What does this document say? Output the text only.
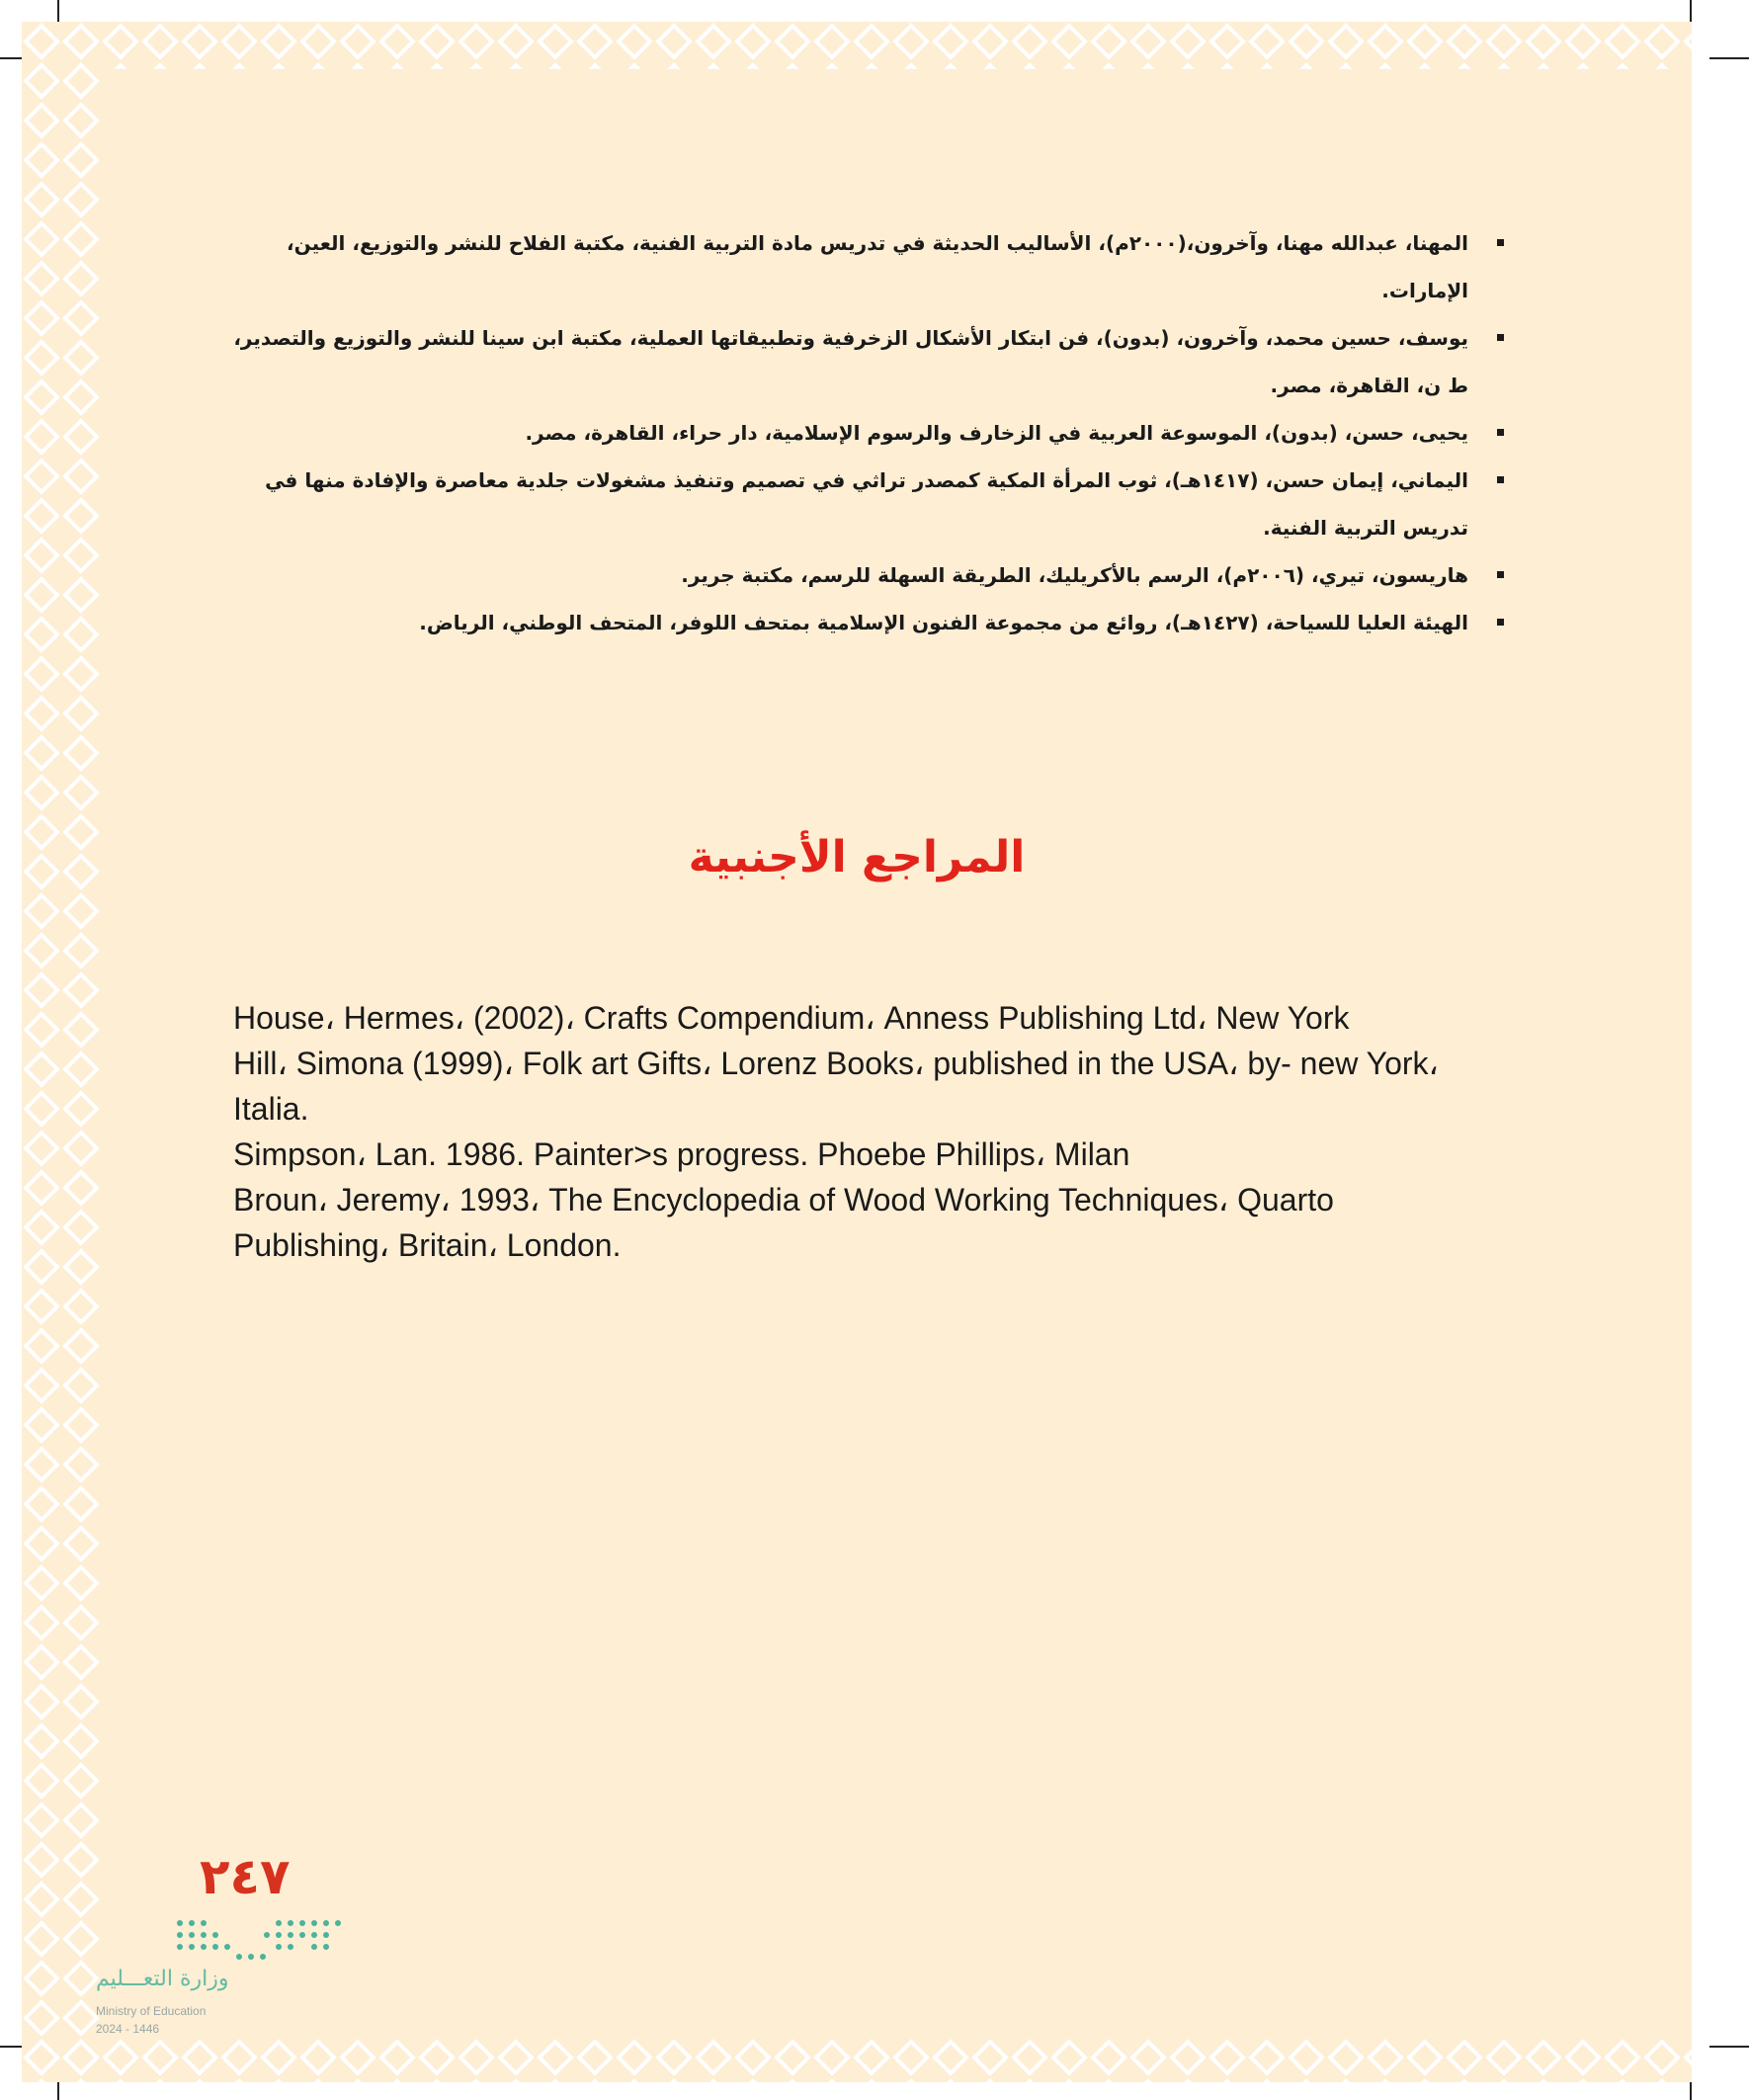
المهنا، عبدالله مهنا، وآخرون،(٢٠٠٠م)، الأساليب الحديثة في تدريس مادة التربية الفنية، مكتبة الفلاح للنشر والتوزيع، العين، الإمارات.
يوسف، حسين محمد، وآخرون، (بدون)، فن ابتكار الأشكال الزخرفية وتطبيقاتها العملية، مكتبة ابن سينا للنشر والتوزيع والتصدير، ط ن، القاهرة، مصر.
يحيى، حسن، (بدون)، الموسوعة العربية في الزخارف والرسوم الإسلامية، دار حراء، القاهرة، مصر.
اليماني، إيمان حسن، (١٤١٧هـ)، ثوب المرأة المكية كمصدر تراثي في تصميم وتنفيذ مشغولات جلدية معاصرة والإفادة منها في تدريس التربية الفنية.
هاريسون، تيري، (٢٠٠٦م)، الرسم بالأكريليك، الطريقة السهلة للرسم، مكتبة جرير.
الهيئة العليا للسياحة، (١٤٢٧هـ)، روائع من مجموعة الفنون الإسلامية بمتحف اللوفر، المتحف الوطني، الرياض.
المراجع الأجنبية
House، Hermes، (2002)، Crafts Compendium، Anness Publishing Ltd، New York
Hill، Simona (1999)، Folk art Gifts، Lorenz Books، published in the USA، by- new York،
Italia.
Simpson، Lan. 1986. Painter>s progress. Phoebe Phillips، Milan
Broun، Jeremy، 1993، The Encyclopedia of Wood Working Techniques، Quarto
Publishing، Britain، London.
٢٤٧
وزارة التعـــليم
Ministry of Education
2024 - 1446
